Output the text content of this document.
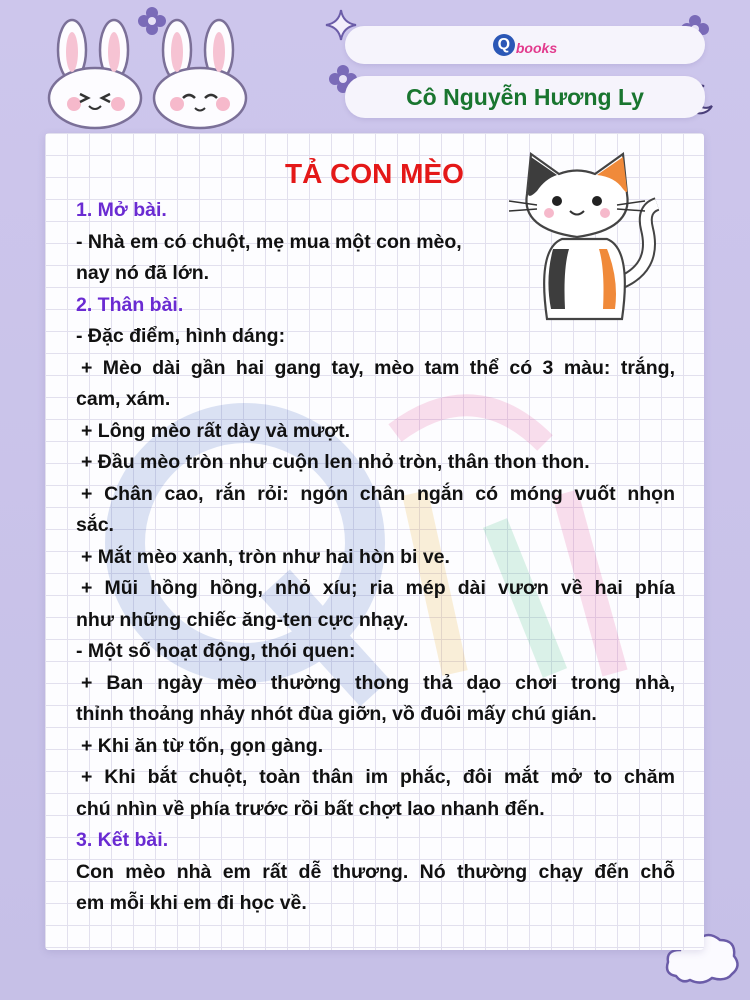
Q books
Cô Nguyễn Hương Ly
TẢ CON MÈO
1. Mở bài.
- Nhà em có chuột, mẹ mua một con mèo,
nay nó đã lớn.
2. Thân bài.
- Đặc điểm, hình dáng:
+ Mèo dài gần hai gang tay, mèo tam thể có 3 màu: trắng,
cam, xám.
+ Lông mèo rất dày và mượt.
+ Đầu mèo tròn như cuộn len nhỏ tròn, thân thon thon.
+ Chân cao, rắn rỏi: ngón chân ngắn có móng vuốt nhọn
sắc.
+ Mắt mèo xanh, tròn như hai hòn bi ve.
+ Mũi hồng hồng, nhỏ xíu; ria mép dài vươn về hai phía
như những chiếc ăng-ten cực nhạy.
- Một số hoạt động, thói quen:
+ Ban ngày mèo thường thong thả dạo chơi trong nhà,
thỉnh thoảng nhảy nhót đùa giỡn, vồ đuôi mấy chú gián.
+ Khi ăn từ tốn, gọn gàng.
+ Khi bắt chuột, toàn thân im phắc, đôi mắt mở to chăm
chú nhìn về phía trước rồi bất chợt lao nhanh đến.
3. Kết bài.
Con mèo nhà em rất dễ thương. Nó thường chạy đến chỗ
em mỗi khi em đi học về.
